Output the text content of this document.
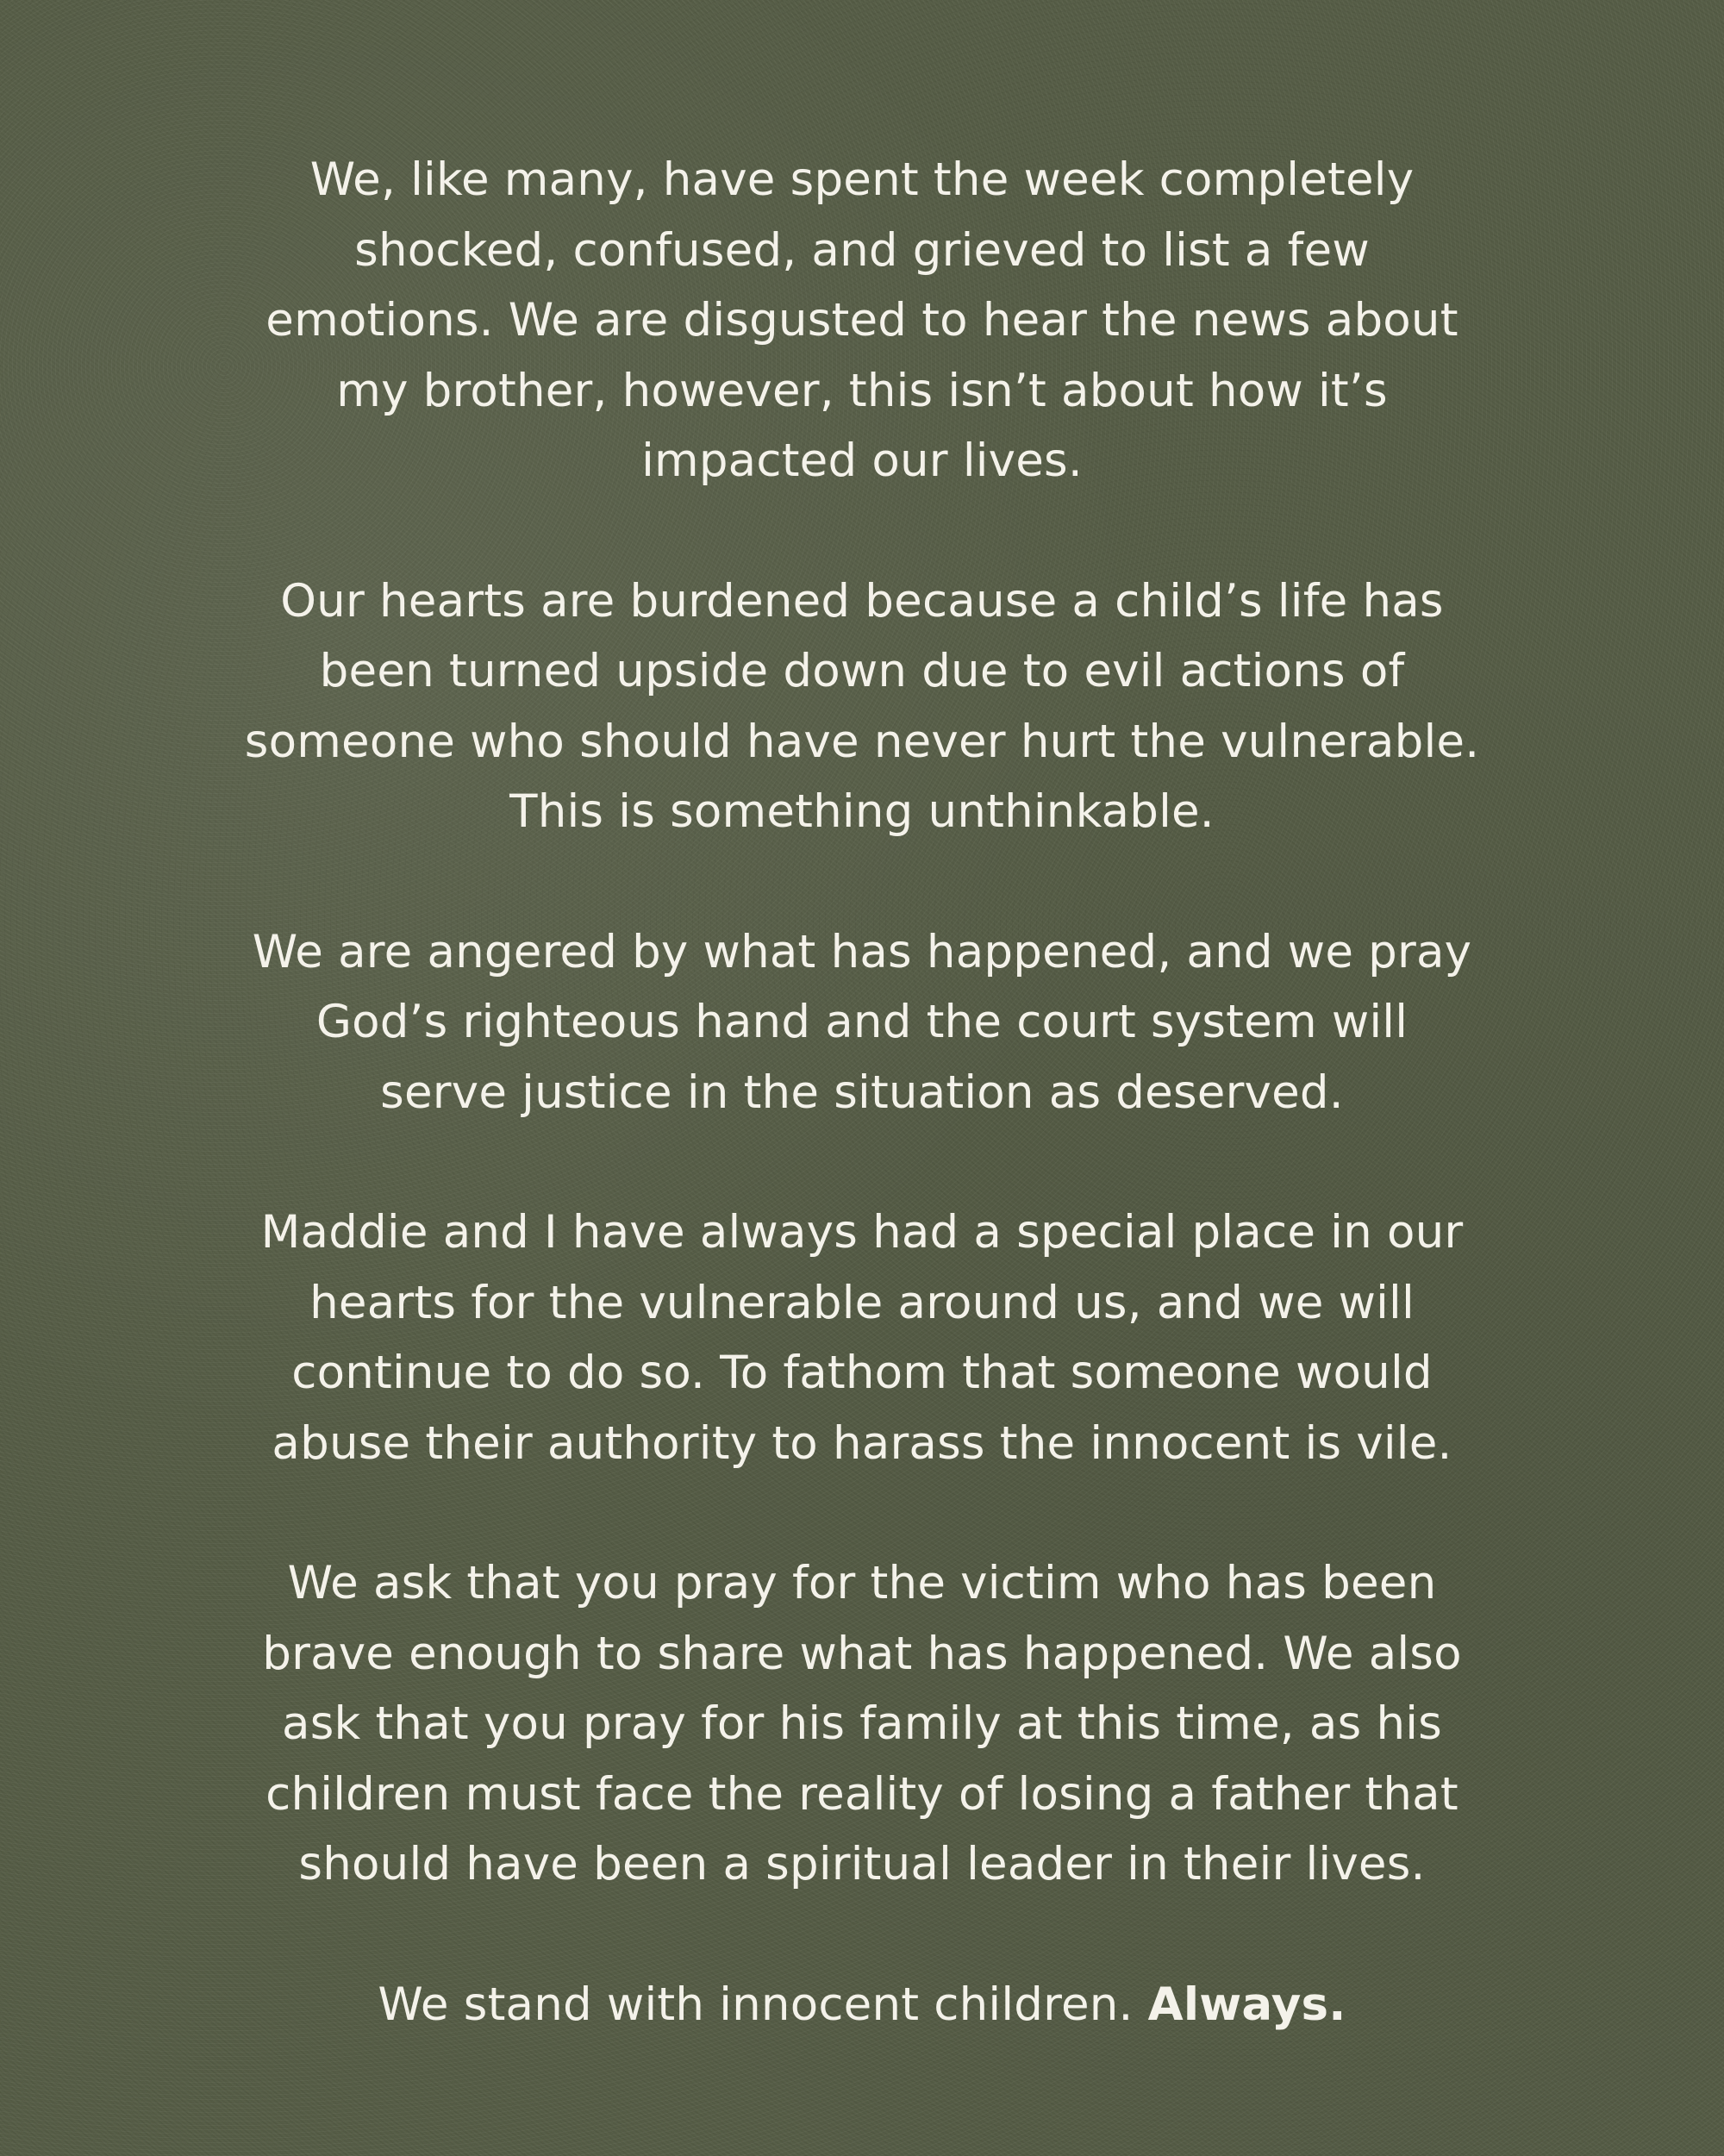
We, like many, have spent the week completely
shocked, confused, and grieved to list a few
emotions. We are disgusted to hear the news about
my brother, however, this isn’t about how it’s
impacted our lives.
Our hearts are burdened because a child’s life has
been turned upside down due to evil actions of
someone who should have never hurt the vulnerable.
This is something unthinkable.
We are angered by what has happened, and we pray
God’s righteous hand and the court system will
serve justice in the situation as deserved.
Maddie and I have always had a special place in our
hearts for the vulnerable around us, and we will
continue to do so. To fathom that someone would
abuse their authority to harass the innocent is vile.
We ask that you pray for the victim who has been
brave enough to share what has happened. We also
ask that you pray for his family at this time, as his
children must face the reality of losing a father that
should have been a spiritual leader in their lives.
We stand with innocent children. Always.
